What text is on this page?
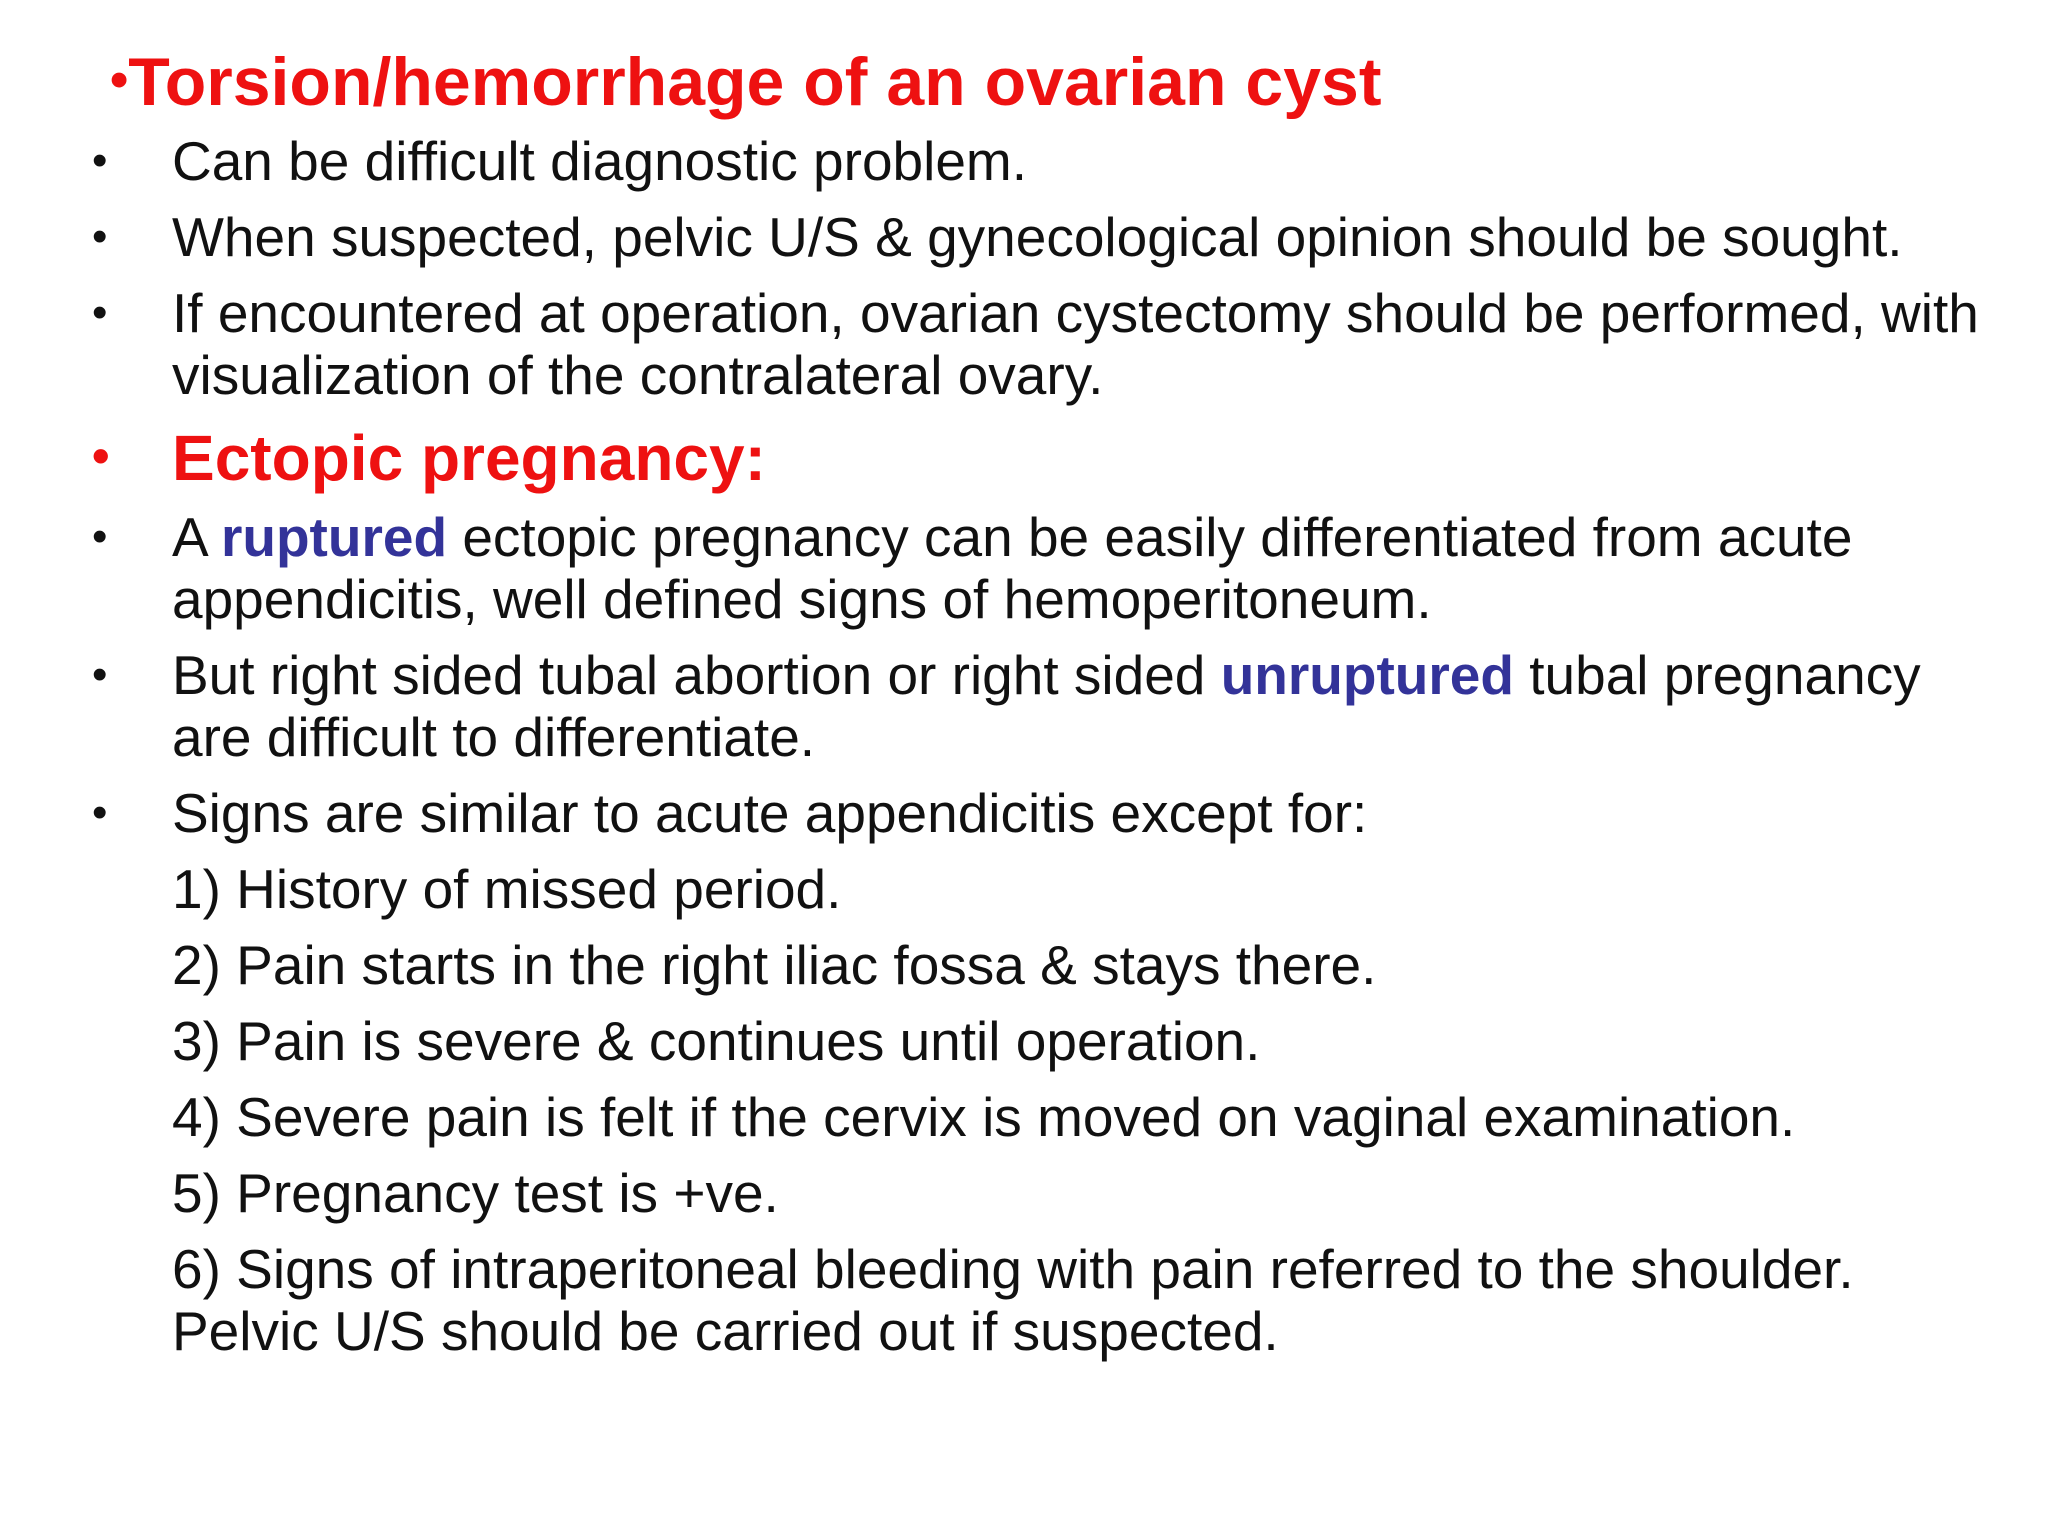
•Torsion/hemorrhage of an ovarian cyst
• Can be difficult diagnostic problem.
• When suspected, pelvic U/S & gynecological opinion should be sought.
• If encountered at operation, ovarian cystectomy should be performed, with visualization of the contralateral ovary.
• Ectopic pregnancy:
• A ruptured ectopic pregnancy can be easily differentiated from acute appendicitis, well defined signs of hemoperitoneum.
• But right sided tubal abortion or right sided unruptured tubal pregnancy are difficult to differentiate.
• Signs are similar to acute appendicitis except for:
1) History of missed period.
2) Pain starts in the right iliac fossa & stays there.
3) Pain is severe & continues until operation.
4) Severe pain is felt if the cervix is moved on vaginal examination.
5) Pregnancy test is +ve.
6) Signs of intraperitoneal bleeding with pain referred to the shoulder. Pelvic U/S should be carried out if suspected.
